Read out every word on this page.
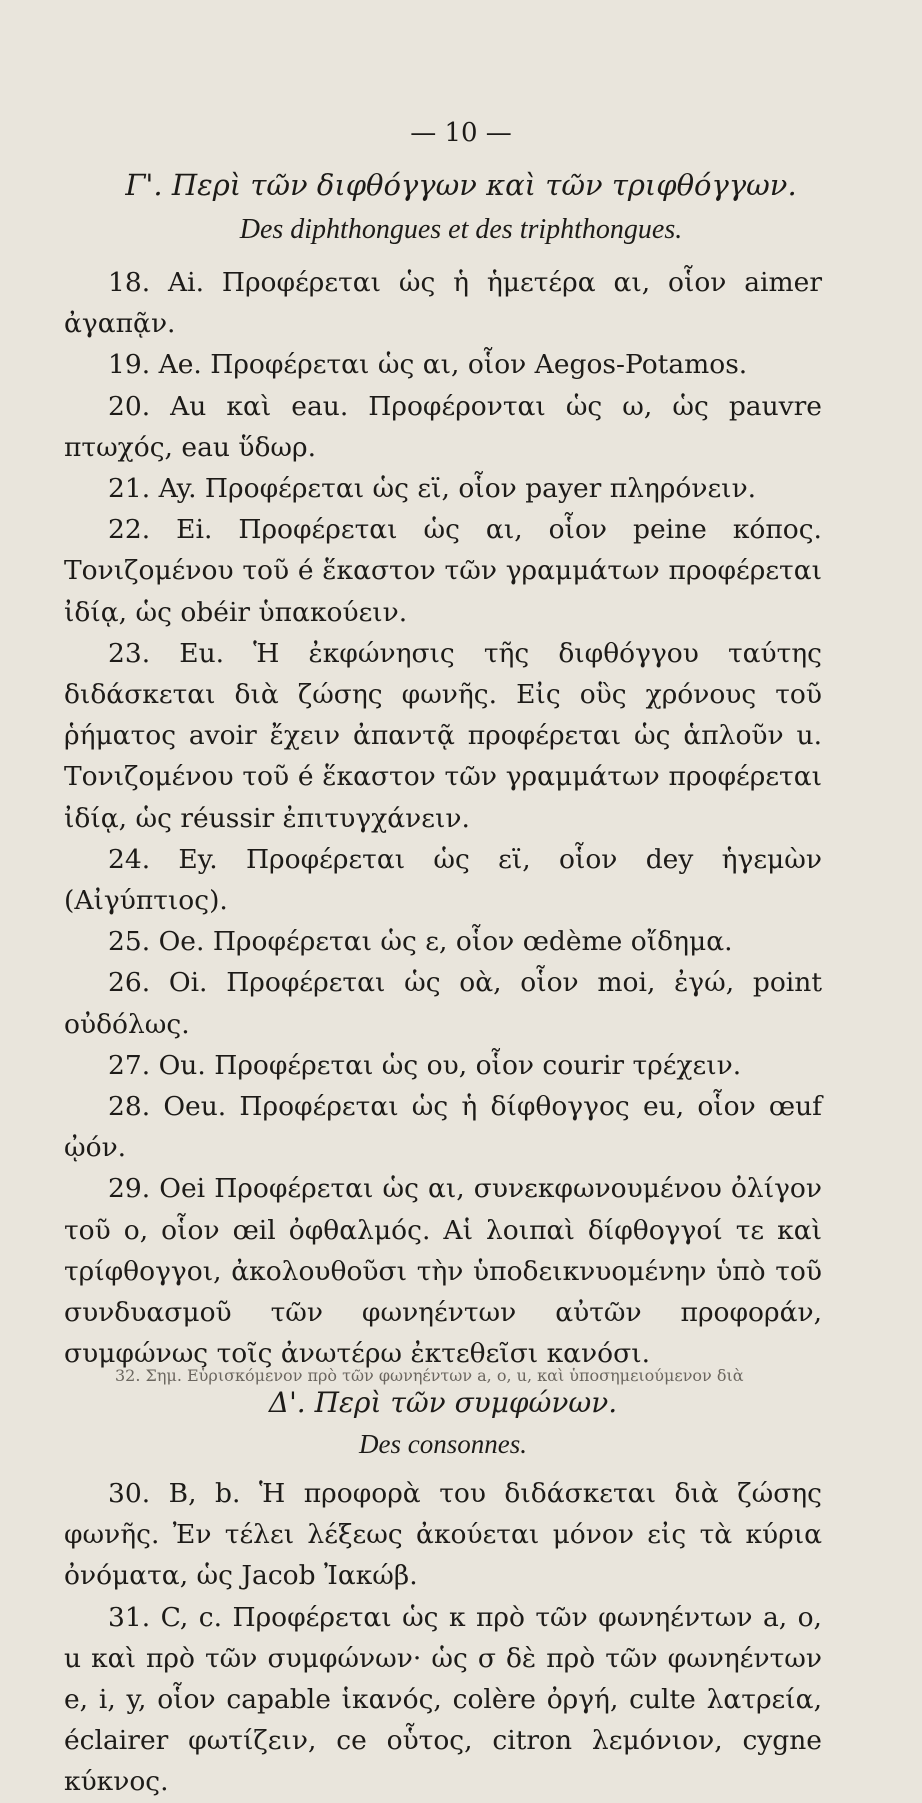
— 10 —
Γ'. Περὶ τῶν διφθόγγων καὶ τῶν τριφθόγγων.
Des diphthongues et des triphthongues.

18. Ai. Προφέρεται ὡς ἡ ἡμετέρα αι, οἷον aimer ἀγαπᾷν.

19. Ae. Προφέρεται ὡς αι, οἷον Aegos-Potamos.

20. Au καὶ eau. Προφέρονται ὡς ω, ὡς pauvre πτωχός, eau ὕδωρ.

21. Ay. Προφέρεται ὡς εϊ, οἷον payer πληρόνειν.

22. Ei. Προφέρεται ὡς αι, οἷον peine κόπος. Τονιζομένου τοῦ é ἕκαστον τῶν γραμμάτων προφέρεται ἰδίᾳ, ὡς obéir ὑπακούειν.

23. Eu. Ἡ ἐκφώνησις τῆς διφθόγγου ταύτης διδάσκεται διὰ ζώσης φωνῆς. Εἰς οὓς χρόνους τοῦ ῥήματος avoir ἔχειν ἀπαντᾷ προφέρεται ὡς ἁπλοῦν u. Τονιζομένου τοῦ é ἕκαστον τῶν γραμμάτων προφέρεται ἰδίᾳ, ὡς réussir ἐπιτυγχάνειν.

24. Ey. Προφέρεται ὡς εϊ, οἷον dey ἡγεμὼν (Αἰγύπτιος).

25. Oe. Προφέρεται ὡς ε, οἷον œdème οἴδημα.

26. Oi. Προφέρεται ὡς οὰ, οἷον moi, ἐγώ, point οὐδόλως.

27. Ou. Προφέρεται ὡς ου, οἷον courir τρέχειν.

28. Oeu. Προφέρεται ὡς ἡ δίφθογγος eu, οἷον œuf ᾠόν.

29. Oei Προφέρεται ὡς αι, συνεκφωνουμένου ὀλίγον τοῦ ο, οἷον œil ὀφθαλμός. Αἱ λοιπαὶ δίφθογγοί τε καὶ τρίφθογγοι, ἀκολουθοῦσι τὴν ὑποδεικνυομένην ὑπὸ τοῦ συνδυασμοῦ τῶν φωνηέντων αὐτῶν προφοράν, συμφώνως τοῖς ἀνωτέρω ἐκτεθεῖσι κανόσι.

Δ'. Περὶ τῶν συμφώνων.
Des consonnes.

30. B, b. Ἡ προφορὰ του διδάσκεται διὰ ζώσης φωνῆς. Ἐν τέλει λέξεως ἀκούεται μόνον εἰς τὰ κύρια ὀνόματα, ὡς Jacob Ἰακώβ.

31. C, c. Προφέρεται ὡς κ πρὸ τῶν φωνηέντων a, o, u καὶ πρὸ τῶν συμφώνων· ὡς σ δὲ πρὸ τῶν φωνηέντων e, i, y, οἷον capable ἱκανός, colère ὀργή, culte λατρεία, éclairer φωτίζειν, ce οὗτος, citron λεμόνιον, cygne κύκνος.

32. Σημ. Εὑρισκόμενον πρὸ τῶν φωνηέντων a, o, u, καὶ ὑποσημειούμενον διὰ
